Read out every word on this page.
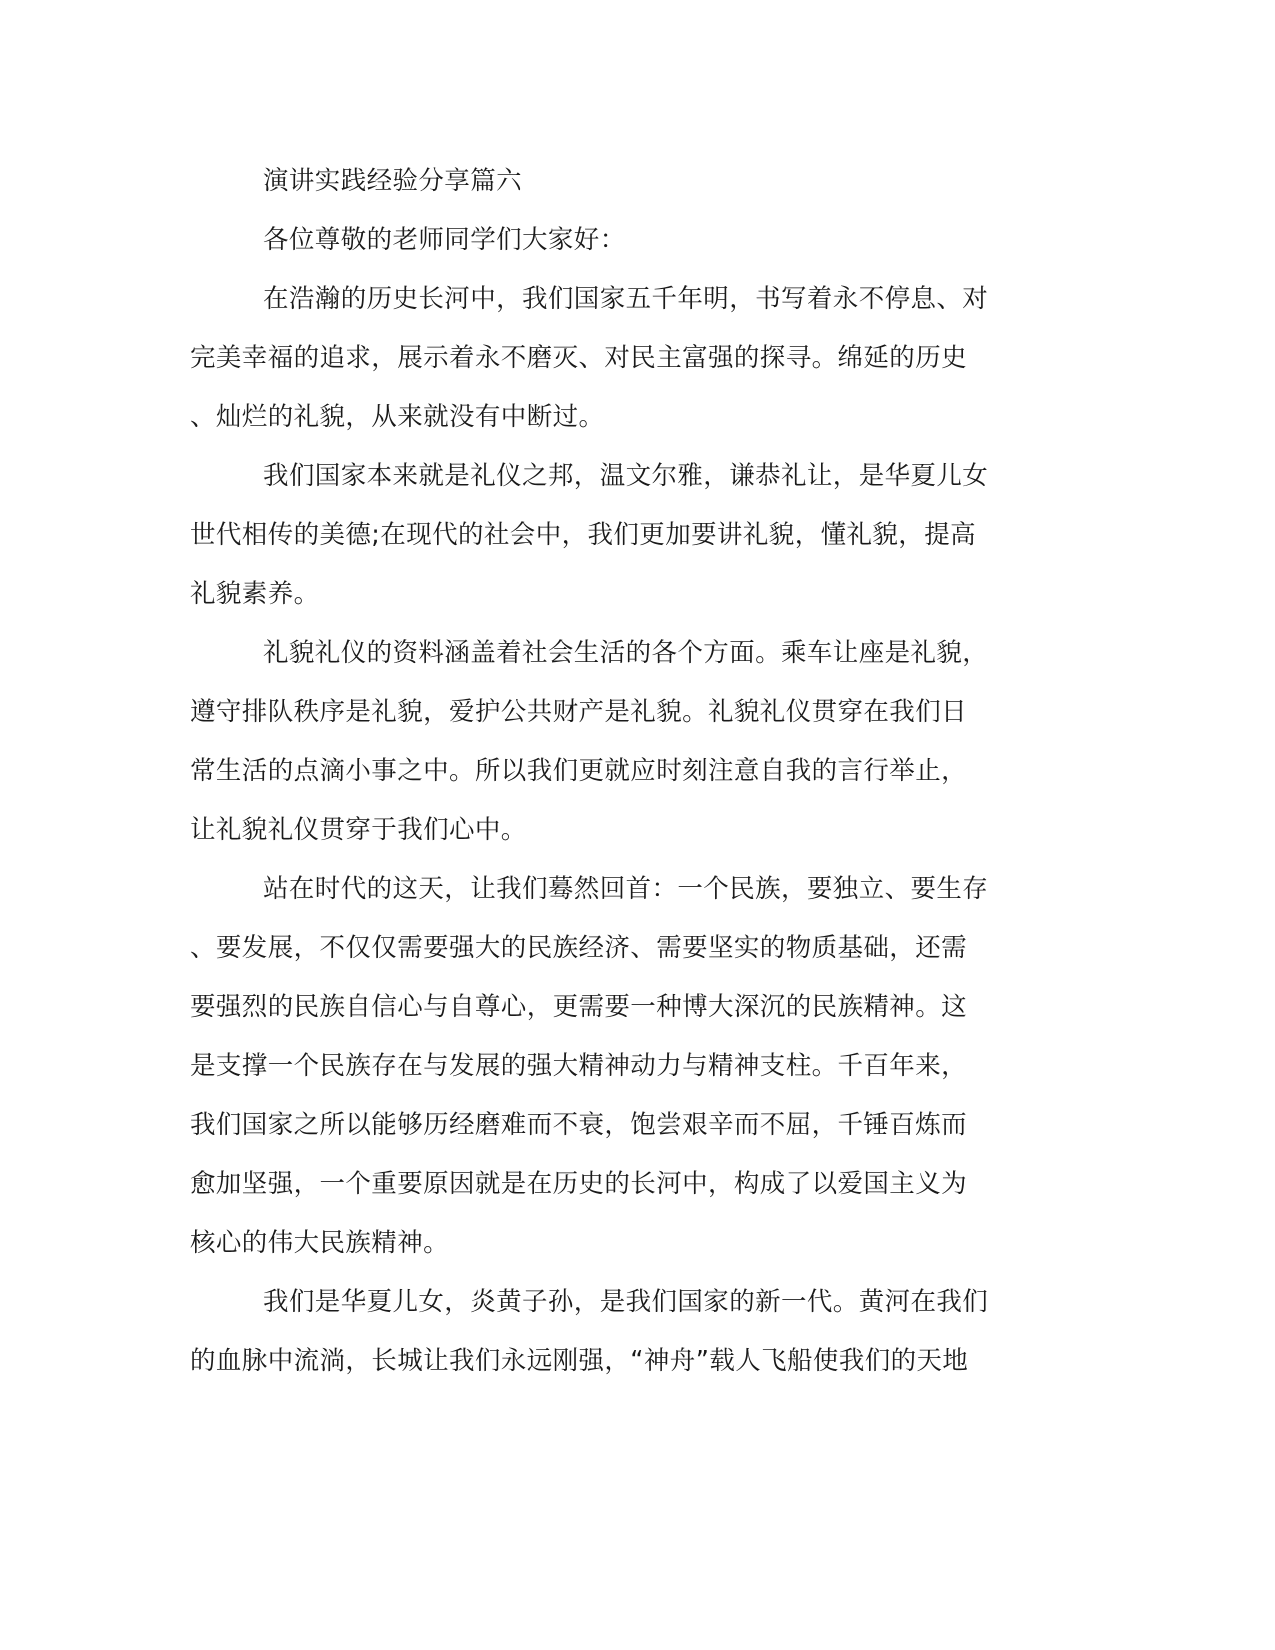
演讲实践经验分享篇六
各位尊敬的老师同学们大家好：
在浩瀚的历史长河中，我们国家五千年明，书写着永不停息、对
完美幸福的追求，展示着永不磨灭、对民主富强的探寻。绵延的历史
、灿烂的礼貌，从来就没有中断过。
我们国家本来就是礼仪之邦，温文尔雅，谦恭礼让，是华夏儿女
世代相传的美德;在现代的社会中，我们更加要讲礼貌，懂礼貌，提高
礼貌素养。
礼貌礼仪的资料涵盖着社会生活的各个方面。乘车让座是礼貌，
遵守排队秩序是礼貌，爱护公共财产是礼貌。礼貌礼仪贯穿在我们日
常生活的点滴小事之中。所以我们更就应时刻注意自我的言行举止，
让礼貌礼仪贯穿于我们心中。
站在时代的这天，让我们蓦然回首：一个民族，要独立、要生存
、要发展，不仅仅需要强大的民族经济、需要坚实的物质基础，还需
要强烈的民族自信心与自尊心，更需要一种博大深沉的民族精神。这
是支撑一个民族存在与发展的强大精神动力与精神支柱。千百年来，
我们国家之所以能够历经磨难而不衰，饱尝艰辛而不屈，千锤百炼而
愈加坚强，一个重要原因就是在历史的长河中，构成了以爱国主义为
核心的伟大民族精神。
我们是华夏儿女，炎黄子孙，是我们国家的新一代。黄河在我们
的血脉中流淌，长城让我们永远刚强，“神舟”载人飞船使我们的天地
